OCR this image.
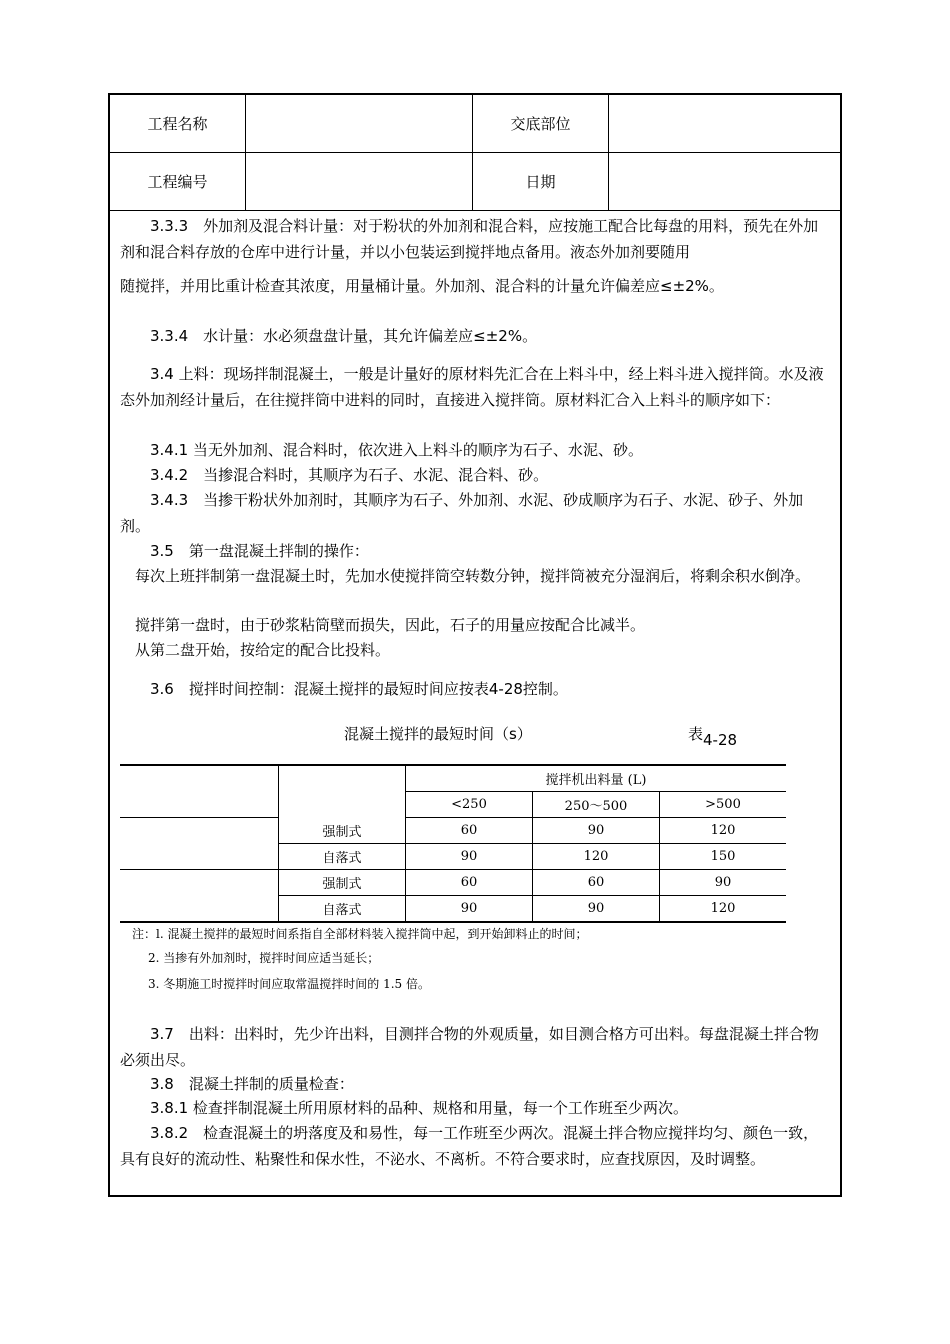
工程名称		交底部位	
工程编号		日期	
　　3.3.3　外加剂及混合料计量：对于粉状的外加剂和混合料，应按施工配合比每盘的用料，预先在外加剂和混合料存放的仓库中进行计量，并以小包装运到搅拌地点备用。液态外加剂要随用
随搅拌，并用比重计检查其浓度，用量桶计量。外加剂、混合料的计量允许偏差应≤±2%。
　　3.3.4　水计量：水必须盘盘计量，其允许偏差应≤±2%。
　　3.4 上料：现场拌制混凝土，一般是计量好的原材料先汇合在上料斗中，经上料斗进入搅拌筒。水及液态外加剂经计量后，在往搅拌筒中进料的同时，直接进入搅拌筒。原材料汇合入上料斗的顺序如下：
　　3.4.1 当无外加剂、混合料时，依次进入上料斗的顺序为石子、水泥、砂。
　　3.4.2　当掺混合料时，其顺序为石子、水泥、混合料、砂。
　　3.4.3　当掺干粉状外加剂时，其顺序为石子、外加剂、水泥、砂成顺序为石子、水泥、砂子、外加剂。
　　3.5　第一盘混凝土拌制的操作：
　每次上班拌制第一盘混凝土时，先加水使搅拌筒空转数分钟，搅拌筒被充分湿润后，将剩余积水倒净。
　搅拌第一盘时，由于砂浆粘筒壁而损失，因此，石子的用量应按配合比减半。
　从第二盘开始，按给定的配合比投料。
　　3.6　搅拌时间控制：混凝土搅拌的最短时间应按表4-28控制。
混凝土搅拌的最短时间（s）	表4-28
		搅拌机出料量 (L)		
		<250	250～500	>500
	强制式	60	90	120
	自落式	90	120	150
	强制式	60	60	90
	自落式	90	90	120
注：l. 混凝土搅拌的最短时间系指自全部材料装入搅拌筒中起，到开始卸料止的时间；
2. 当掺有外加剂时，搅拌时间应适当延长；
3. 冬期施工时搅拌时间应取常温搅拌时间的 1.5 倍。
　　3.7　出料：出料时，先少许出料，目测拌合物的外观质量，如目测合格方可出料。每盘混凝土拌合物必须出尽。
　　3.8　混凝土拌制的质量检查：
　　3.8.1 检查拌制混凝土所用原材料的品种、规格和用量，每一个工作班至少两次。
　　3.8.2　检查混凝土的坍落度及和易性，每一工作班至少两次。混凝土拌合物应搅拌均匀、颜色一致，具有良好的流动性、粘聚性和保水性，不泌水、不离析。不符合要求时，应查找原因，及时调整。
